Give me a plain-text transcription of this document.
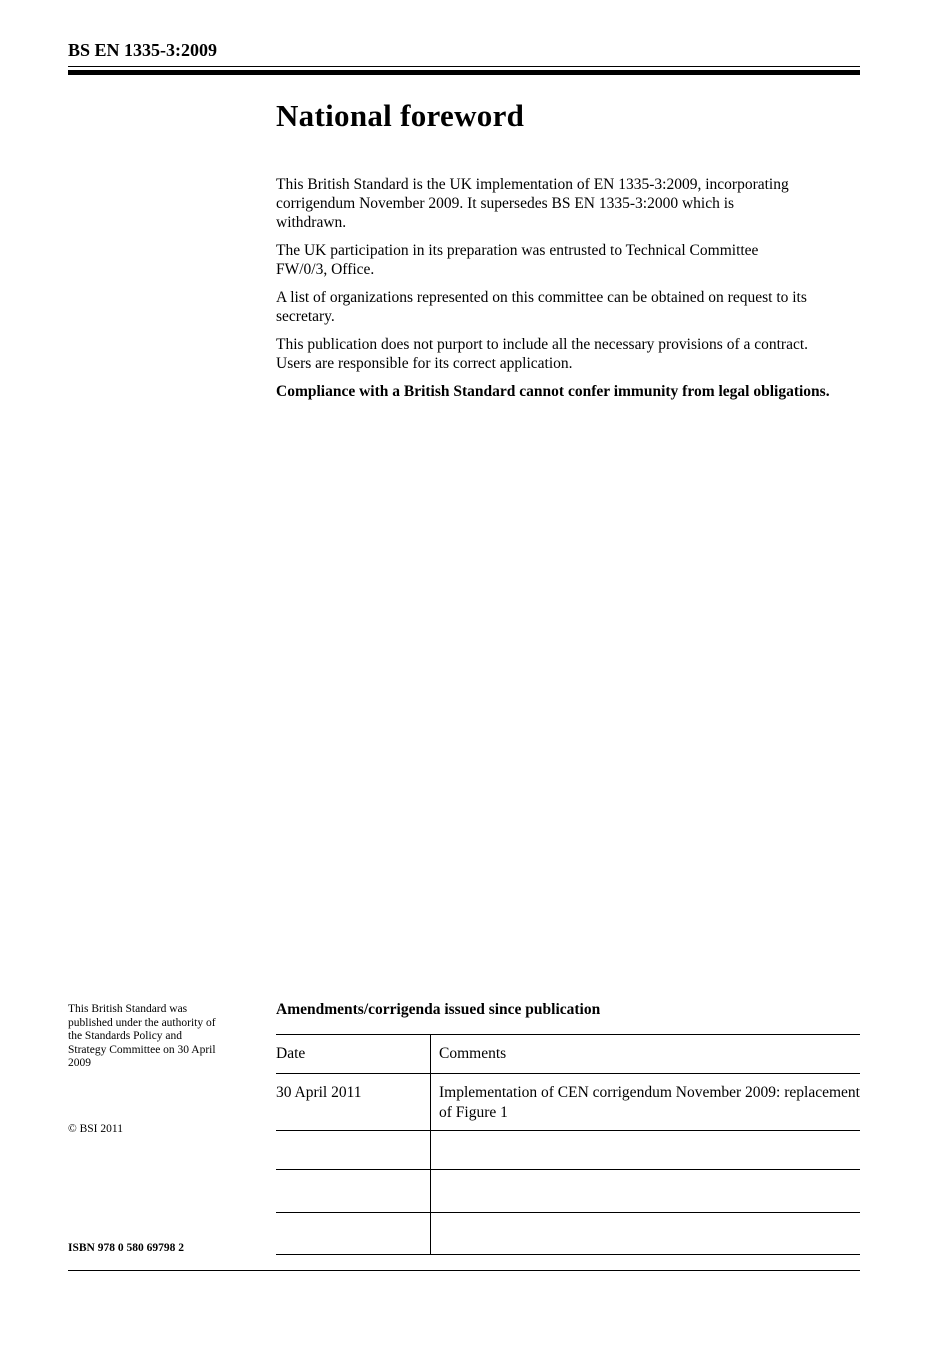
BS EN 1335-3:2009
National foreword

This British Standard is the UK implementation of EN 1335-3:2009, incorporating corrigendum November 2009. It supersedes BS EN 1335-3:2000 which is withdrawn.

The UK participation in its preparation was entrusted to Technical Committee FW/0/3, Office.

A list of organizations represented on this committee can be obtained on request to its secretary.

This publication does not purport to include all the necessary provisions of a contract. Users are responsible for its correct application.

Compliance with a British Standard cannot confer immunity from legal obligations.

This British Standard was published under the authority of the Standards Policy and Strategy Committee on 30 April 2009
© BSI 2011
ISBN 978 0 580 69798 2
Amendments/corrigenda issued since publication
Date	Comments
30 April 2011	Implementation of CEN corrigendum November 2009: replacement of Figure 1
